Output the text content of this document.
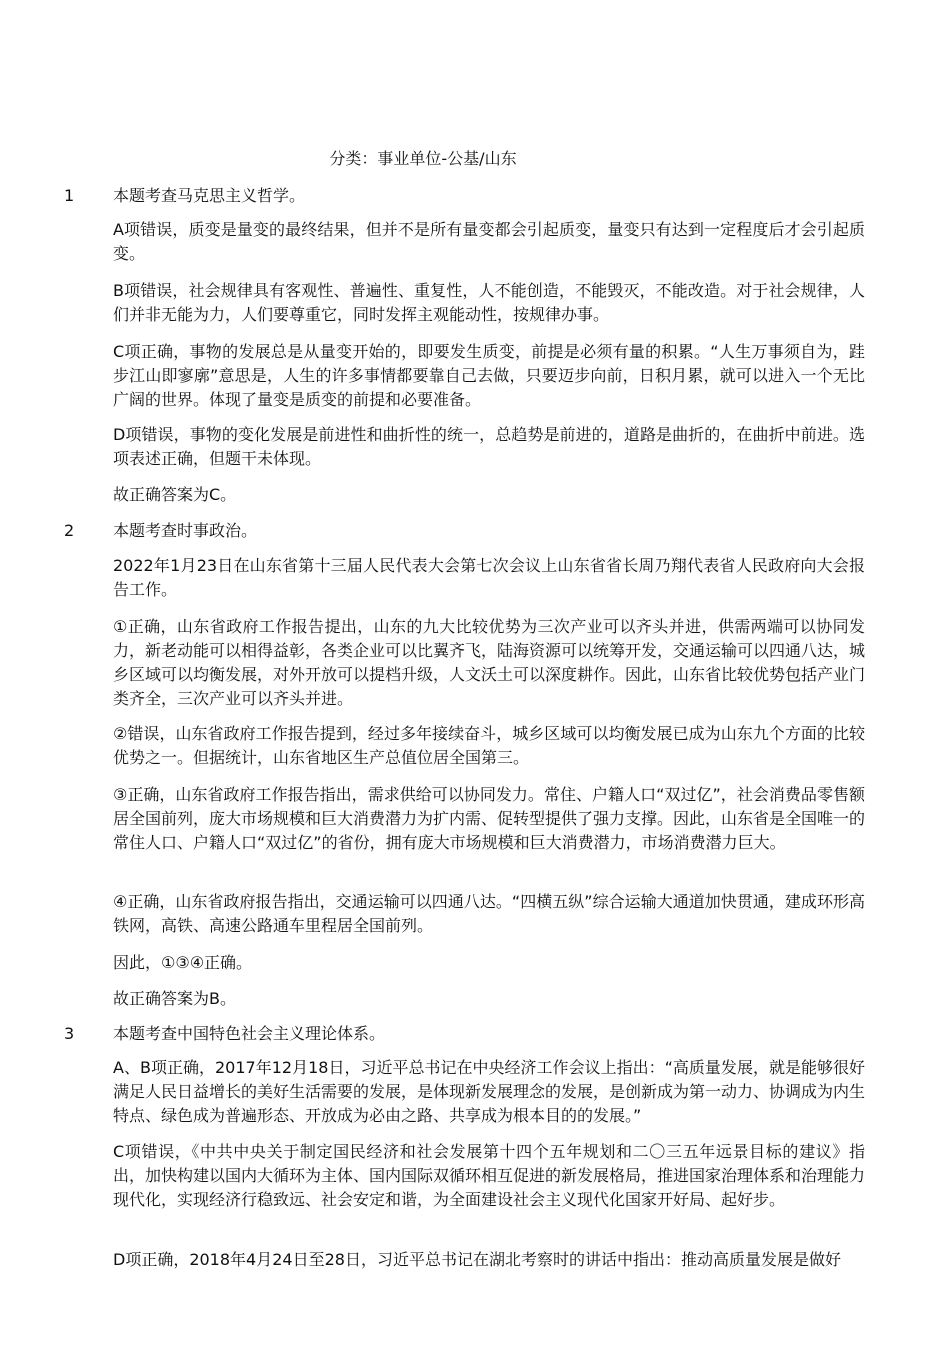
分类：事业单位-公基/山东
1 本题考查马克思主义哲学。

A项错误，质变是量变的最终结果，但并不是所有量变都会引起质变，量变只有达到一定程度后才会引起质变。

B项错误，社会规律具有客观性、普遍性、重复性，人不能创造，不能毁灭，不能改造。对于社会规律，人们并非无能为力，人们要尊重它，同时发挥主观能动性，按规律办事。

C项正确，事物的发展总是从量变开始的，即要发生质变，前提是必须有量的积累。“人生万事须自为，跬步江山即寥廓”意思是，人生的许多事情都要靠自己去做，只要迈步向前，日积月累，就可以进入一个无比广阔的世界。体现了量变是质变的前提和必要准备。

D项错误，事物的变化发展是前进性和曲折性的统一，总趋势是前进的，道路是曲折的，在曲折中前进。选项表述正确，但题干未体现。

故正确答案为C。

2 本题考查时事政治。

2022年1月23日在山东省第十三届人民代表大会第七次会议上山东省省长周乃翔代表省人民政府向大会报告工作。

①正确，山东省政府工作报告提出，山东的九大比较优势为三次产业可以齐头并进，供需两端可以协同发力，新老动能可以相得益彰，各类企业可以比翼齐飞，陆海资源可以统筹开发，交通运输可以四通八达，城乡区域可以均衡发展，对外开放可以提档升级，人文沃土可以深度耕作。因此，山东省比较优势包括产业门类齐全，三次产业可以齐头并进。

②错误，山东省政府工作报告提到，经过多年接续奋斗，城乡区域可以均衡发展已成为山东九个方面的比较优势之一。但据统计，山东省地区生产总值位居全国第三。

③正确，山东省政府工作报告指出，需求供给可以协同发力。常住、户籍人口“双过亿”，社会消费品零售额居全国前列，庞大市场规模和巨大消费潜力为扩内需、促转型提供了强力支撑。因此，山东省是全国唯一的常住人口、户籍人口“双过亿”的省份，拥有庞大市场规模和巨大消费潜力，市场消费潜力巨大。

④正确，山东省政府报告指出，交通运输可以四通八达。“四横五纵”综合运输大通道加快贯通，建成环形高铁网，高铁、高速公路通车里程居全国前列。

因此，①③④正确。

故正确答案为B。

3 本题考查中国特色社会主义理论体系。

A、B项正确，2017年12月18日，习近平总书记在中央经济工作会议上指出：“高质量发展，就是能够很好满足人民日益增长的美好生活需要的发展，是体现新发展理念的发展，是创新成为第一动力、协调成为内生特点、绿色成为普遍形态、开放成为必由之路、共享成为根本目的的发展。”

C项错误，《中共中央关于制定国民经济和社会发展第十四个五年规划和二〇三五年远景目标的建议》指出，加快构建以国内大循环为主体、国内国际双循环相互促进的新发展格局，推进国家治理体系和治理能力现代化，实现经济行稳致远、社会安定和谐，为全面建设社会主义现代化国家开好局、起好步。

D项正确，2018年4月24日至28日，习近平总书记在湖北考察时的讲话中指出：推动高质量发展是做好
